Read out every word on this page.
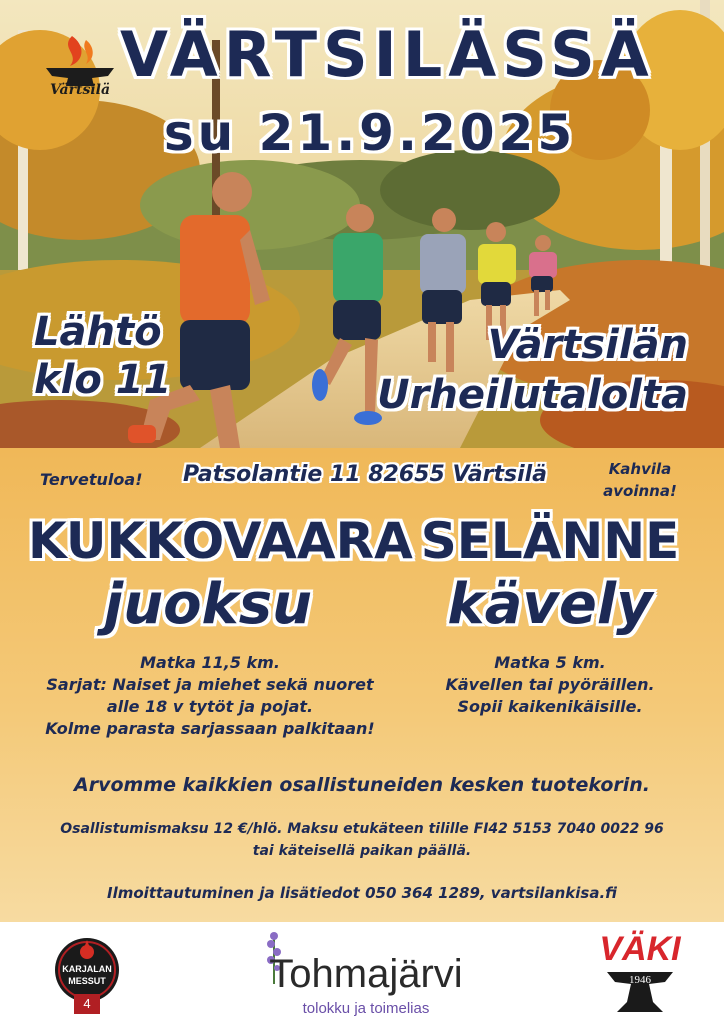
Värtsilä VÄRTSILÄSSÄ
su 21.9.2025
Lähtö
klo 11
Värtsilän
Urheilutalolta
Tervetuloa!	Patsolantie 11 82655 Värtsilä	Kahvila
avoinna!
KUKKOVAARA
juoksu
Matka 11,5 km.
Sarjat: Naiset ja miehet sekä nuoret
alle 18 v tytöt ja pojat.
Kolme parasta sarjassaan palkitaan!
SELÄNNE
kävely
Matka 5 km.
Kävellen tai pyöräillen.
Sopii kaikenikäisille.
Arvomme kaikkien osallistuneiden kesken tuotekorin.
Osallistumismaksu 12 €/hlö. Maksu etukäteen tilille FI42 5153 7040 0022 96
tai käteisellä paikan päällä.
Ilmoittautuminen ja lisätiedot 050 364 1289, vartsilankisa.fi
KARJALAN
MESSUT
4
Tohmajärvi
tolokku ja toimelias
VÄKI
1946
